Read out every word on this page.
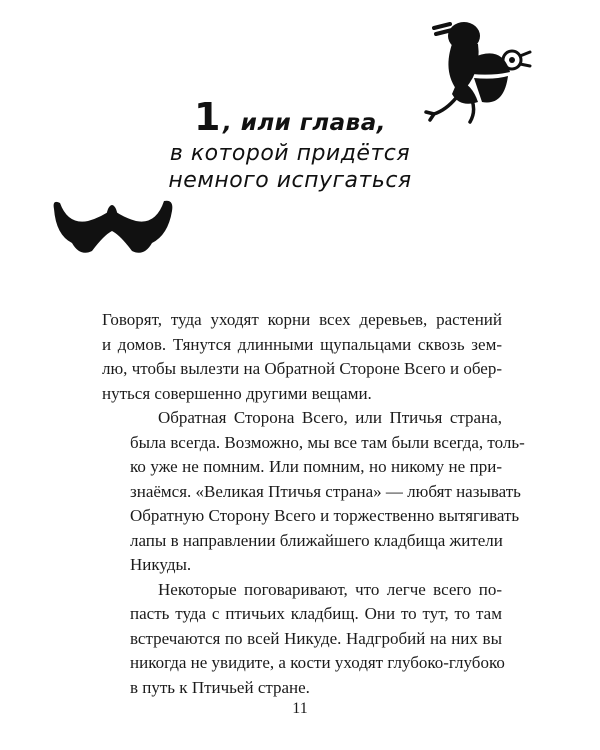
1, или глава,
в которой придётся
немного испугаться

Говорят, туда уходят корни всех деревьев, растений
и домов. Тянутся длинными щупальцами сквозь зем-
лю, чтобы вылезти на Обратной Стороне Всего и обер-
нуться совершенно другими вещами.

Обратная Сторона Всего, или Птичья страна,
была всегда. Возможно, мы все там были всегда, толь-
ко уже не помним. Или помним, но никому не при-
знаёмся. «Великая Птичья страна» — любят называть
Обратную Сторону Всего и торжественно вытягивать
лапы в направлении ближайшего кладбища жители
Никуды.

Некоторые поговаривают, что легче всего по-
пасть туда с птичьих кладбищ. Они то тут, то там
встречаются по всей Никуде. Надгробий на них вы
никогда не увидите, а кости уходят глубоко-глубоко
в путь к Птичьей стране.

11
